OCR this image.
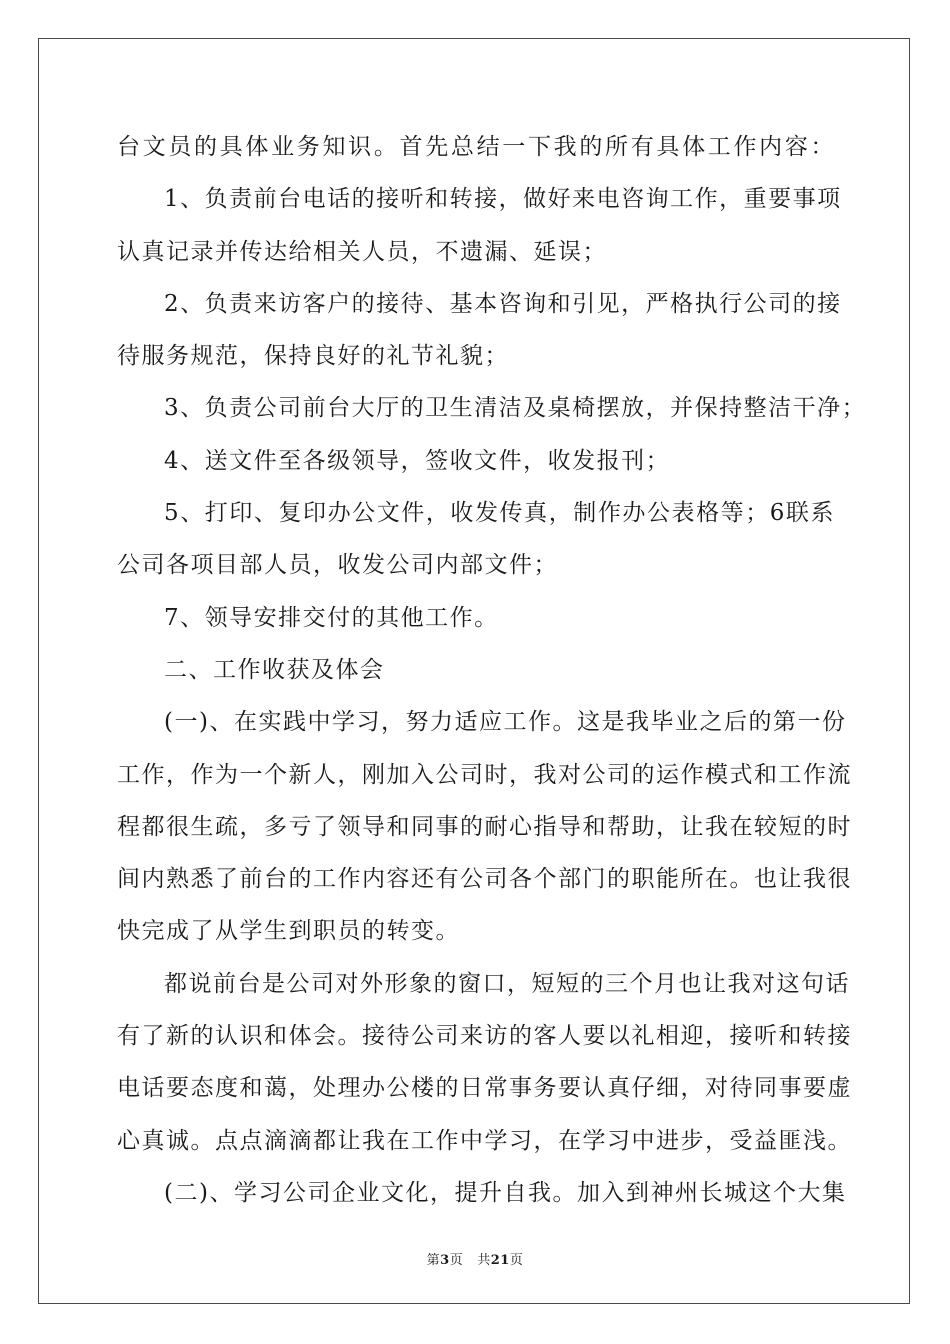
台文员的具体业务知识。首先总结一下我的所有具体工作内容：
1、负责前台电话的接听和转接，做好来电咨询工作，重要事项
认真记录并传达给相关人员，不遗漏、延误；
2、负责来访客户的接待、基本咨询和引见，严格执行公司的接
待服务规范，保持良好的礼节礼貌；
3、负责公司前台大厅的卫生清洁及桌椅摆放，并保持整洁干净；
4、送文件至各级领导，签收文件，收发报刊；
5、打印、复印办公文件，收发传真，制作办公表格等；6联系
公司各项目部人员，收发公司内部文件；
7、领导安排交付的其他工作。
二、工作收获及体会
(一)、在实践中学习，努力适应工作。这是我毕业之后的第一份
工作，作为一个新人，刚加入公司时，我对公司的运作模式和工作流
程都很生疏，多亏了领导和同事的耐心指导和帮助，让我在较短的时
间内熟悉了前台的工作内容还有公司各个部门的职能所在。也让我很
快完成了从学生到职员的转变。
都说前台是公司对外形象的窗口，短短的三个月也让我对这句话
有了新的认识和体会。接待公司来访的客人要以礼相迎，接听和转接
电话要态度和蔼，处理办公楼的日常事务要认真仔细，对待同事要虚
心真诚。点点滴滴都让我在工作中学习，在学习中进步，受益匪浅。
(二)、学习公司企业文化，提升自我。加入到神州长城这个大集
第3页 共21页
